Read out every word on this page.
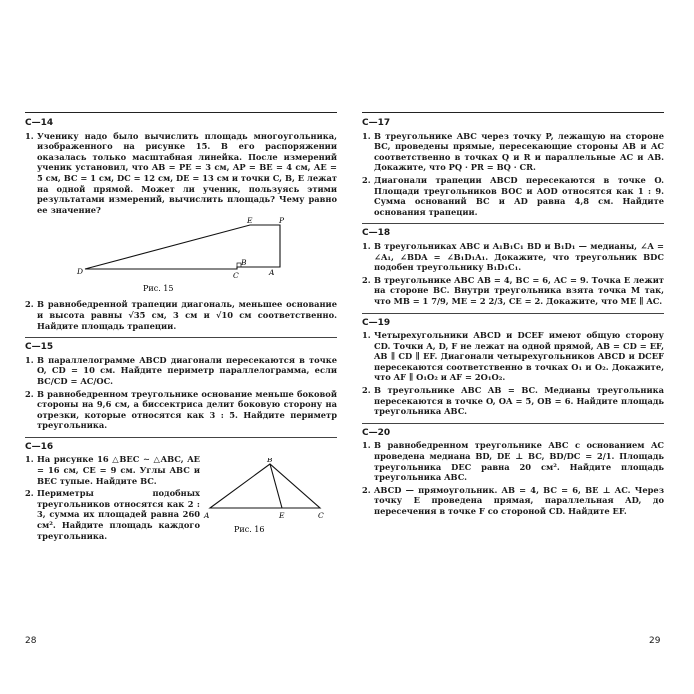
С—14
1. Ученику надо было вычислить площадь многоугольника, изображенного на рисунке 15. В его распоряжении оказалась только масштабная линейка. После измерений ученик установил, что AB = PE = 3 см, AP = BE = 4 см, AE = 5 см, BC = 1 см, DC = 12 см, DE = 13 см и точки C, B, E лежат на одной прямой. Может ли ученик, пользуясь этими результатами измерений, вычислить площадь? Чему равно ее значение?
E	P
D
B
C	A
Рис. 15
2. В равнобедренной трапеции диагональ, меньшее основание и высота равны √35 см, 3 см и √10 см соответственно. Найдите площадь трапеции.
С—15
1. В параллелограмме ABCD диагонали пересекаются в точке O, CD = 10 см. Найдите периметр параллелограмма, если BC/CD = AC/OC.
2. В равнобедренном треугольнике основание меньше боковой стороны на 9,6 см, а биссектриса делит боковую сторону на отрезки, которые относятся как 3 : 5. Найдите периметр треугольника.
С—16
1. На рисунке 16 △BEC ∼ △ABC, AE = 16 см, CE = 9 см. Углы ABC и BEC тупые. Найдите BC.
2. Периметры подобных треугольников относятся как 2 : 3, сумма их площадей равна 260 см². Найдите площадь каждого треугольника.
B
A	E	C
Рис. 16
28
С—17
1. В треугольнике ABC через точку P, лежащую на стороне BC, проведены прямые, пересекающие стороны AB и AC соответственно в точках Q и R и параллельные AC и AB. Докажите, что PQ · PR = BQ · CR.
2. Диагонали трапеции ABCD пересекаются в точке O. Площади треугольников BOC и AOD относятся как 1 : 9. Сумма оснований BC и AD равна 4,8 см. Найдите основания трапеции.
С—18
1. В треугольниках ABC и A₁B₁C₁ BD и B₁D₁ — медианы, ∠A = ∠A₁, ∠BDA = ∠B₁D₁A₁. Докажите, что треугольник BDC подобен треугольнику B₁D₁C₁.
2. В треугольнике ABC AB = 4, BC = 6, AC = 9. Точка E лежит на стороне BC. Внутри треугольника взята точка M так, что MB = 1 7/9, ME = 2 2/3, CE = 2. Докажите, что ME ∥ AC.
С—19
1. Четырехугольники ABCD и DCEF имеют общую сторону CD. Точки A, D, F не лежат на одной прямой, AB = CD = EF, AB ∥ CD ∥ EF. Диагонали четырехугольников ABCD и DCEF пересекаются соответственно в точках O₁ и O₂. Докажите, что AF ∥ O₁O₂ и AF = 2O₁O₂.
2. В треугольнике ABC AB = BC. Медианы треугольника пересекаются в точке O, OA = 5, OB = 6. Найдите площадь треугольника ABC.
С—20
1. В равнобедренном треугольнике ABC с основанием AC проведена медиана BD, DE ⊥ BC, BD/DC = 2/1. Площадь треугольника DEC равна 20 см². Найдите площадь треугольника ABC.
2. ABCD — прямоугольник. AB = 4, BC = 6, BE ⊥ AC. Через точку E проведена прямая, параллельная AD, до пересечения в точке F со стороной CD. Найдите EF.
29
